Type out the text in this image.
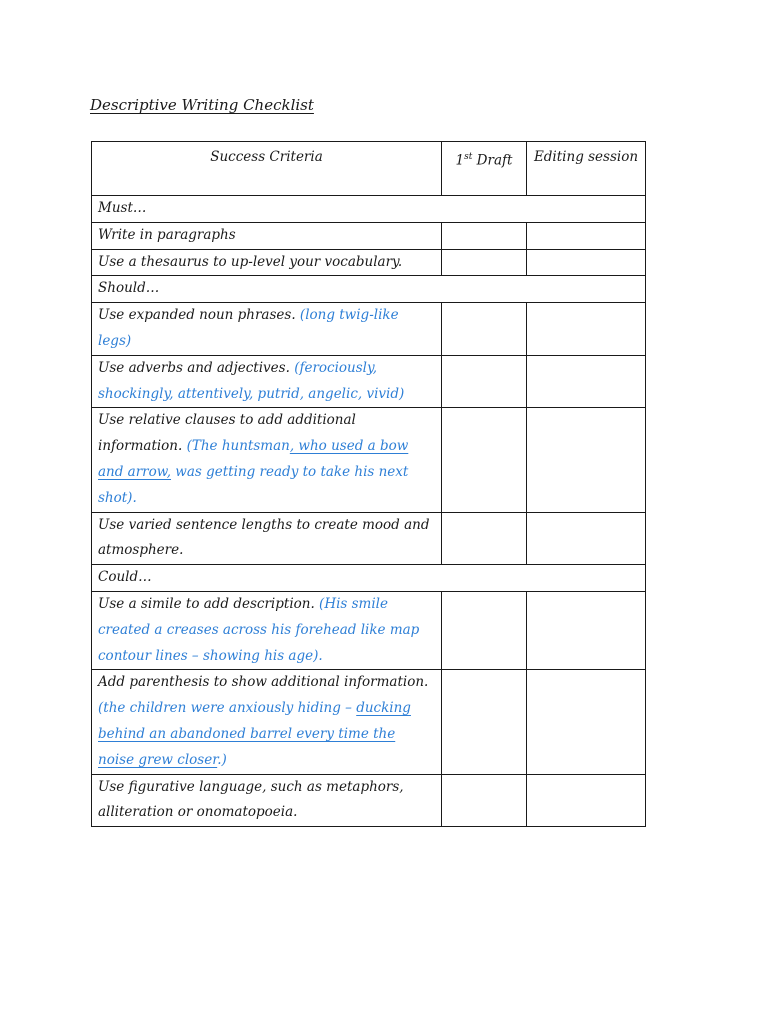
Descriptive Writing Checklist
Success Criteria	1st Draft	Editing session
Must…		
Write in paragraphs		
Use a thesaurus to up-level your vocabulary.		
Should…		
Use expanded noun phrases. (long twig-like legs)		
Use adverbs and adjectives. (ferociously, shockingly, attentively, putrid, angelic, vivid)		
Use relative clauses to add additional information. (The huntsman, who used a bow and arrow, was getting ready to take his next shot).		
Use varied sentence lengths to create mood and atmosphere.		
Could…		
Use a simile to add description. (His smile created a creases across his forehead like map contour lines – showing his age).		
Add parenthesis to show additional information. (the children were anxiously hiding – ducking behind an abandoned barrel every time the noise grew closer.)		
Use figurative language, such as metaphors, alliteration or onomatopoeia.		
